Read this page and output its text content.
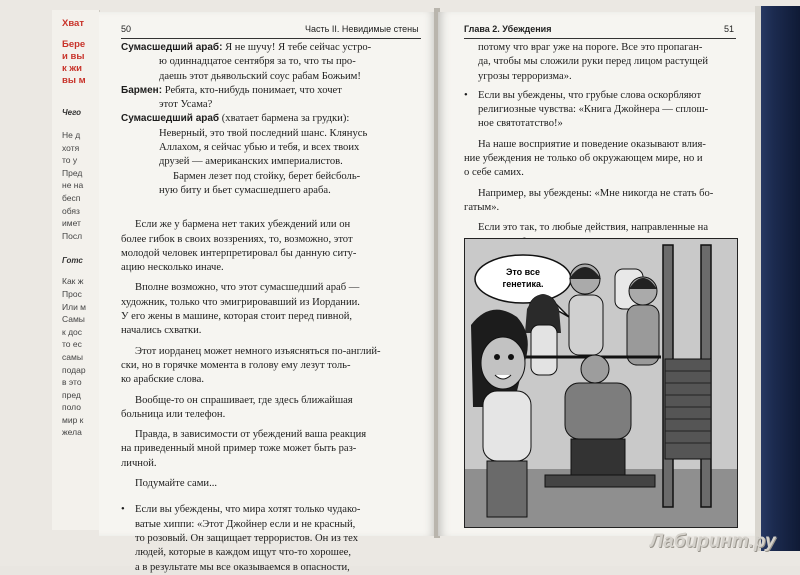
Хват
Бере
и вы
к жи
вы м
Чего
Не д
хотя
то у
Пред
не на
бесп
обяз
имет
Посл
Готс
Как ж
Прос
Или м
Самы
к дос
то ес
самы
подар
в это
пред
поло
мир к
жела
50	Часть II. Невидимые стены

Сумасшедший араб: Я не шучу! Я тебе сейчас устро-

ю одиннадцатое сентября за то, что ты про-

даешь этот дьявольский соус рабам Божьим!

Бармен: Ребята, кто-нибудь понимает, что хочет

этот Усама?

Сумасшедший араб (хватает бармена за грудки):

Неверный, это твой последний шанс. Клянусь

Аллахом, я сейчас убью и тебя, и всех твоих

друзей — американских империалистов.

Бармен лезет под стойку, берет бейсболь-

ную биту и бьет сумасшедшего араба.

Если же у бармена нет таких убеждений или он

более гибок в своих воззрениях, то, возможно, этот

молодой человек интерпретировал бы данную ситу-

ацию несколько иначе.

Вполне возможно, что этот сумасшедший араб —

художник, только что эмигрировавший из Иордании.

У его жены в машине, которая стоит перед пивной,

начались схватки.

Этот иорданец может немного изъясняться по-англий-

ски, но в горячке момента в голову ему лезут толь-

ко арабские слова.

Вообще-то он спрашивает, где здесь ближайшая

больница или телефон.

Правда, в зависимости от убеждений ваша реакция

на приведенный мной пример тоже может быть раз-

личной.

Подумайте сами...

• Если вы убеждены, что мира хотят только чудако-

ватые хиппи: «Этот Джойнер если и не красный,

то розовый. Он защищает террористов. Он из тех

людей, которые в каждом ищут что-то хорошее,

а в результате мы все оказываемся в опасности,

Глава 2. Убеждения	51

потому что враг уже на пороге. Все это пропаган-

да, чтобы мы сложили руки перед лицом растущей

угрозы терроризма».

• Если вы убеждены, что грубые слова оскорбляют

религиозные чувства: «Книга Джойнера — сплош-

ное святотатство!»

На наше восприятие и поведение оказывают влия-

ние убеждения не только об окружающем мире, но и

о себе самих.

Например, вы убеждены: «Мне никогда не стать бо-

гатым».

Если это так, то любые действия, направленные на

Это все
генетика.
Лабиринт.ру
